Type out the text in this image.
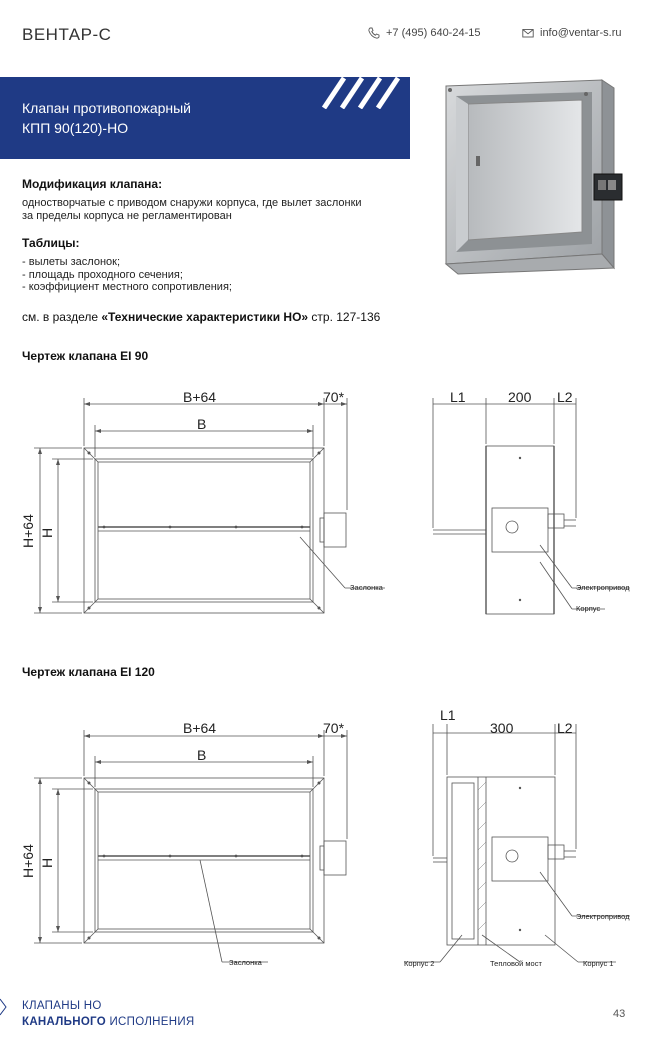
ВЕНТАР-С	+7 (495) 640-24-15	info@ventar-s.ru
Клапан противопожарный
КПП 90(120)-НО
Модификация клапана:
одностворчатые с приводом снаружи корпуса, где вылет заслонки
за пределы корпуса не регламентирован
Таблицы:
- вылеты заслонок;
- площадь проходного сечения;
- коэффициент местного сопротивления;
см. в разделе «Технические характеристики НО» стр. 127-136
Чертеж клапана EI 90
B+64	70*
B
H+64 H
L1	200 L2
Заслонка	Электропривод
Корпус
Чертеж клапана EI 120
B+64	70*
B
H+64 H
L1
300	L2
Заслонка
Электропривод
Корпус 2	Тепловой мост	Корпус 1
КЛАПАНЫ НО
КАНАЛЬНОГО ИСПОЛНЕНИЯ
43
